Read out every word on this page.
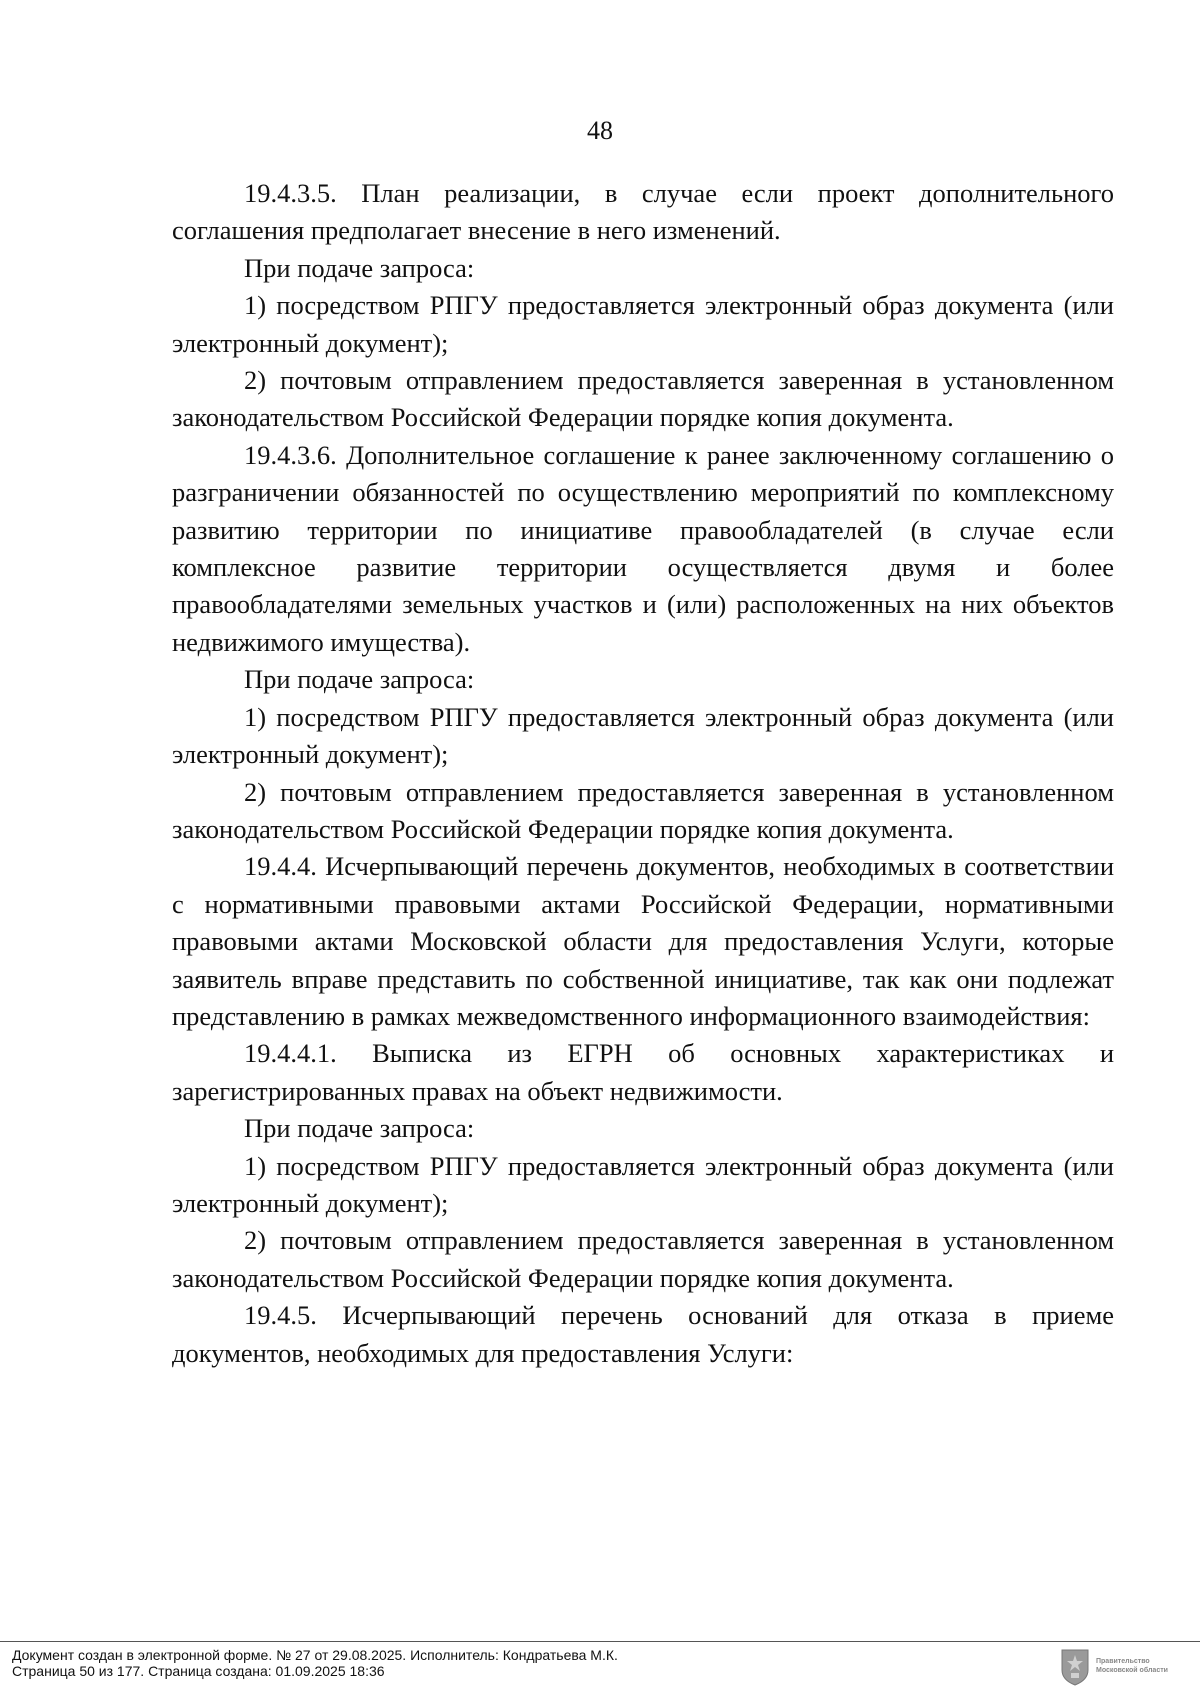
48

19.4.3.5. План реализации, в случае если проект дополнительного соглашения предполагает внесение в него изменений.

При подаче запроса:

1) посредством РПГУ предоставляется электронный образ документа (или электронный документ);

2) почтовым отправлением предоставляется заверенная в установленном законодательством Российской Федерации порядке копия документа.

19.4.3.6. Дополнительное соглашение к ранее заключенному соглашению о разграничении обязанностей по осуществлению мероприятий по комплексному развитию территории по инициативе правообладателей (в случае если комплексное развитие территории осуществляется двумя и более правообладателями земельных участков и (или) расположенных на них объектов недвижимого имущества).

При подаче запроса:

1) посредством РПГУ предоставляется электронный образ документа (или электронный документ);

2) почтовым отправлением предоставляется заверенная в установленном законодательством Российской Федерации порядке копия документа.

19.4.4. Исчерпывающий перечень документов, необходимых в соответствии с нормативными правовыми актами Российской Федерации, нормативными правовыми актами Московской области для предоставления Услуги, которые заявитель вправе представить по собственной инициативе, так как они подлежат представлению в рамках межведомственного информационного взаимодействия:

19.4.4.1. Выписка из ЕГРН об основных характеристиках и зарегистрированных правах на объект недвижимости.

При подаче запроса:

1) посредством РПГУ предоставляется электронный образ документа (или электронный документ);

2) почтовым отправлением предоставляется заверенная в установленном законодательством Российской Федерации порядке копия документа.

19.4.5. Исчерпывающий перечень оснований для отказа в приеме документов, необходимых для предоставления Услуги:

Документ создан в электронной форме. № 27 от 29.08.2025. Исполнитель: Кондратьева М.К.
Страница 50 из 177. Страница создана: 01.09.2025 18:36
Правительство
Московской области
